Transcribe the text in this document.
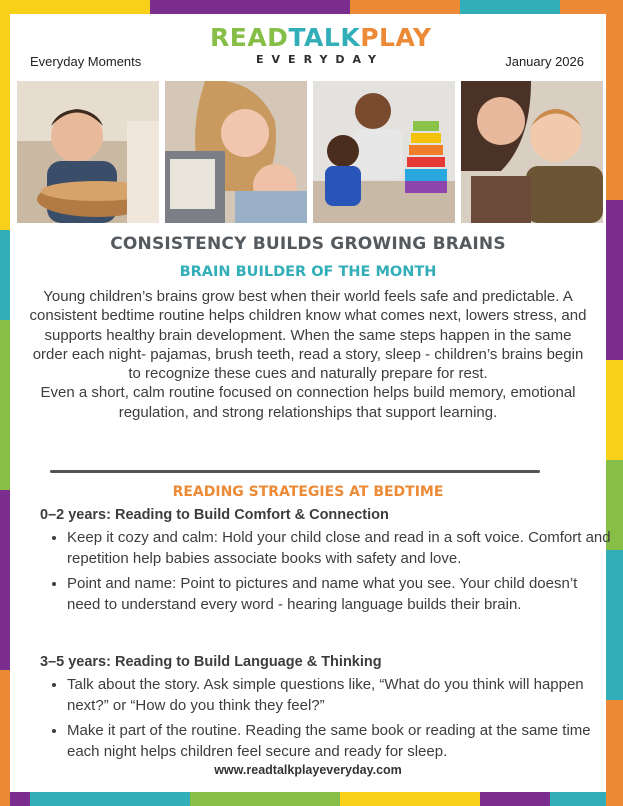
Everyday Moments
READTALKPLAY
EVERYDAY	January 2026
CONSISTENCY BUILDS GROWING BRAINS
BRAIN BUILDER OF THE MONTH

Young children’s brains grow best when their world feels safe and predictable. A consistent bedtime routine helps children know what comes next, lowers stress, and supports healthy brain development. When the same steps happen in the same order each night- pajamas, brush teeth, read a story, sleep - children’s brains begin to recognize these cues and naturally prepare for rest.

Even a short, calm routine focused on connection helps build memory, emotional regulation, and strong relationships that support learning.

READING STRATEGIES AT BEDTIME
0–2 years: Reading to Build Comfort & Connection
• Keep it cozy and calm: Hold your child close and read in a soft voice. Comfort and repetition help babies associate books with safety and love.
• Point and name: Point to pictures and name what you see. Your child doesn’t need to understand every word - hearing language builds their brain.
3–5 years: Reading to Build Language & Thinking
• Talk about the story. Ask simple questions like, “What do you think will happen next?” or “How do you think they feel?”
• Make it part of the routine. Reading the same book or reading at the same time each night helps children feel secure and ready for sleep.
www.readtalkplayeveryday.com
